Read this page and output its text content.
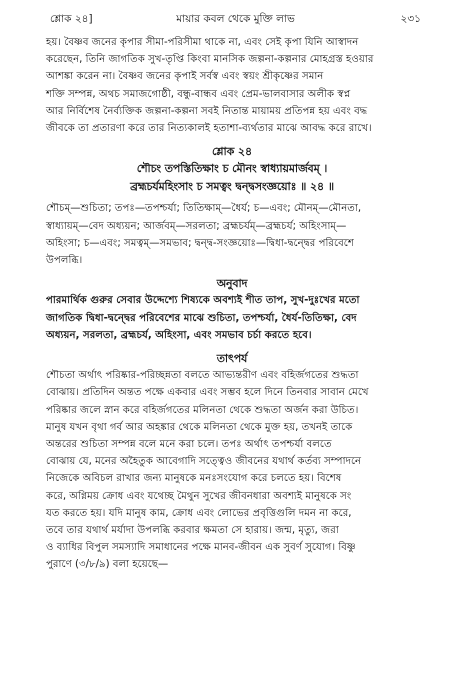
শ্লোক ২৪]	মায়ার কবল থেকে মুক্তি লাভ	২৩১

হয়। বৈষ্ণব জনের কৃপার সীমা-পরিসীমা থাকে না, এবং সেই কৃপা যিনি আস্বাদন

করেছেন, তিনি জাগতিক সুখ-তৃপ্তি কিংবা মানসিক জল্পনা-কল্পনার মোহগ্রস্ত হওয়ার

আশঙ্কা করেন না। বৈষ্ণব জনের কৃপাই সর্বস্ব এবং স্বয়ং শ্রীকৃষ্ণের সমান

শক্তি সম্পন্ন, অথচ সমাজগোষ্ঠী, বন্ধু-বান্ধব এবং প্রেম-ভালবাসার অলীক স্বপ্ন

আর নির্বিশেষ নৈর্ব্যক্তিক জল্পনা-কল্পনা সবই নিতান্ত মায়াময় প্রতিপন্ন হয় এবং বদ্ধ

জীবকে তা প্রতারণা করে তার নিত্যকালই হতাশা-ব্যর্থতার মাঝে আবদ্ধ করে রাখে।

শ্লোক ২৪
শৌচং তপস্তিতিক্ষাং চ মৌনং স্বাধ্যায়মার্জবম্ ।
ব্রহ্মচর্যমহিংসাং চ সমত্বং দ্বন্দ্বসংজ্ঞয়োঃ ॥ ২৪ ॥

শৌচম্—শুচিতা; তপঃ—তপশ্চর্যা; তিতিক্ষাম্—ধৈর্য; চ—এবং; মৌনম্—মৌনতা,

স্বাধ্যায়ম্—বেদ অধ্যয়ন; আর্জবম্—সরলতা; ব্রহ্মচর্যম্—ব্রহ্মচর্য; অহিংসাম্—

অহিংসা; চ—এবং; সমত্বম্—সমভাব; দ্বন্দ্ব-সংজ্ঞয়োঃ—দ্বিধা-দ্বন্দ্বের পরিবেশে

উপলব্ধি।

অনুবাদ

পারমার্থিক গুরুর সেবার উদ্দেশ্যে শিষ্যকে অবশ্যই শীত তাপ, সুখ-দুঃখের মতো

জাগতিক দ্বিধা-দ্বন্দ্বের পরিবেশের মাঝে শুচিতা, তপশ্চর্যা, ধৈর্য-তিতিক্ষা, বেদ

অধ্যয়ন, সরলতা, ব্রহ্মচর্য, অহিংসা, এবং সমভাব চর্চা করতে হবে।

তাৎপর্য

শৌচতা অর্থাৎ পরিষ্কার-পরিচ্ছন্নতা বলতে আভ্যন্তরীণ এবং বহির্জগতের শুদ্ধতা

বোঝায়। প্রতিদিন অন্তত পক্ষে একবার এবং সম্ভব হলে দিনে তিনবার সাবান মেখে

পরিষ্কার জলে স্নান করে বহির্জগতের মলিনতা থেকে শুদ্ধতা অর্জন করা উচিত।

মানুষ যখন বৃথা গর্ব আর অহঙ্কার থেকে মলিনতা থেকে মুক্ত হয়, তখনই তাকে

অন্তরের শুচিতা সম্পন্ন বলে মনে করা চলে। তপঃ অর্থাৎ তপশ্চর্যা বলতে

বোঝায় যে, মনের অহৈতুক আবেগাদি সত্ত্বেও জীবনের যথার্থ কর্তব্য সম্পাদনে

নিজেকে অবিচল রাখার জন্য মানুষকে মনঃসংযোগ করে চলতে হয়। বিশেষ

করে, অগ্নিময় ক্রোধ এবং যথেচ্ছ মৈথুন সুখের জীবনধারা অবশ্যই মানুষকে সং

যত করতে হয়। যদি মানুষ কাম, ক্রোধ এবং লোভের প্রবৃত্তিগুলি দমন না করে,

তবে তার যথার্থ মর্যাদা উপলব্ধি করবার ক্ষমতা সে হারায়। জন্ম, মৃত্যু, জরা

ও ব্যাধির বিপুল সমস্যাদি সমাধানের পক্ষে মানব-জীবন এক সুবর্ণ সুযোগ। বিষ্ণু

পুরাণে (৩/৮/৯) বলা হয়েছে—
